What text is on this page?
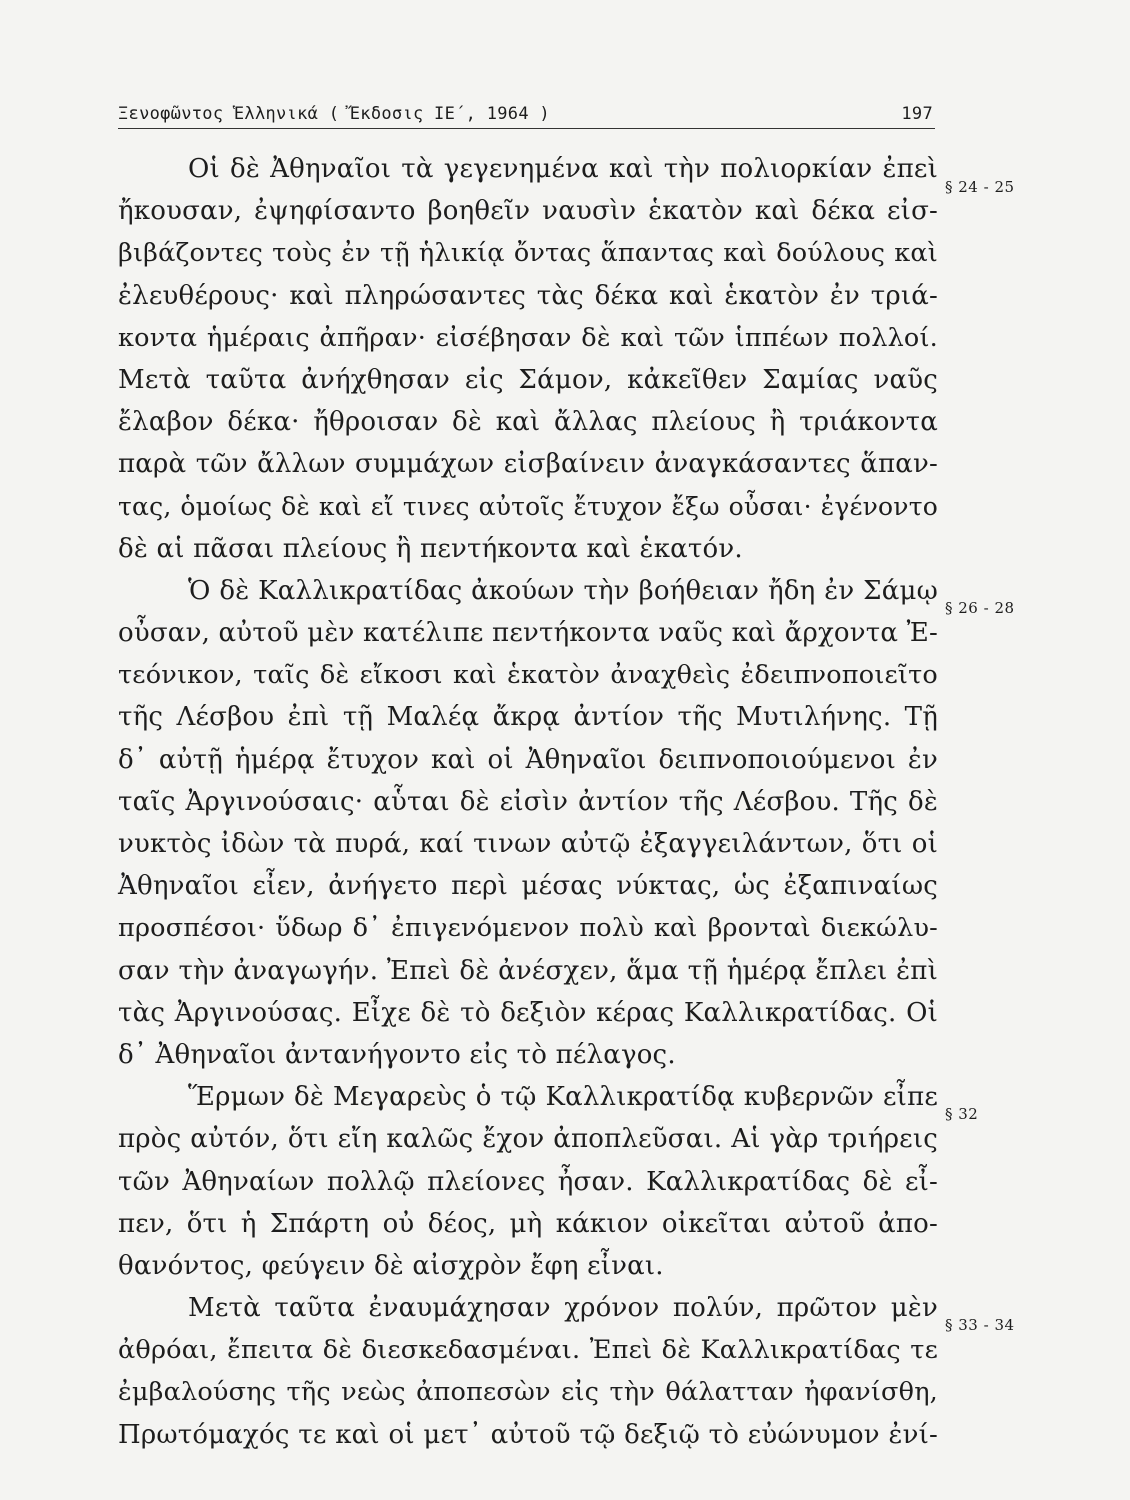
Ξενοφῶντος Ἑλληνικά ( Ἔκδοσις ΙΕ΄, 1964 )	197
§ 24 - 25
§ 26 - 28
§ 32
§ 33 - 34
Οἱ δὲ Ἀθηναῖοι τὰ γεγενημένα καὶ τὴν πολιορκίαν ἐπεὶ
ἤκουσαν, ἐψηφίσαντο βοηθεῖν ναυσὶν ἑκατὸν καὶ δέκα εἰσ-
βιβάζοντες τοὺς ἐν τῇ ἡλικίᾳ ὄντας ἅπαντας καὶ δούλους καὶ
ἐλευθέρους· καὶ πληρώσαντες τὰς δέκα καὶ ἑκατὸν ἐν τριά-
κοντα ἡμέραις ἀπῆραν· εἰσέβησαν δὲ καὶ τῶν ἱππέων πολλοί.
Μετὰ ταῦτα ἀνήχθησαν εἰς Σάμον, κἀκεῖθεν Σαμίας ναῦς
ἔλαβον δέκα· ἤθροισαν δὲ καὶ ἄλλας πλείους ἢ τριάκοντα
παρὰ τῶν ἄλλων συμμάχων εἰσβαίνειν ἀναγκάσαντες ἅπαν-
τας, ὁμοίως δὲ καὶ εἴ τινες αὐτοῖς ἔτυχον ἔξω οὖσαι· ἐγένοντο
δὲ αἱ πᾶσαι πλείους ἢ πεντήκοντα καὶ ἑκατόν.
Ὁ δὲ Καλλικρατίδας ἀκούων τὴν βοήθειαν ἤδη ἐν Σάμῳ
οὖσαν, αὐτοῦ μὲν κατέλιπε πεντήκοντα ναῦς καὶ ἄρχοντα Ἐ-
τεόνικον, ταῖς δὲ εἴκοσι καὶ ἑκατὸν ἀναχθεὶς ἐδειπνοποιεῖτο
τῆς Λέσβου ἐπὶ τῇ Μαλέᾳ ἄκρᾳ ἀντίον τῆς Μυτιλήνης. Τῇ
δ᾽ αὐτῇ ἡμέρᾳ ἔτυχον καὶ οἱ Ἀθηναῖοι δειπνοποιούμενοι ἐν
ταῖς Ἀργινούσαις· αὗται δὲ εἰσὶν ἀντίον τῆς Λέσβου. Τῆς δὲ
νυκτὸς ἰδὼν τὰ πυρά, καί τινων αὐτῷ ἐξαγγειλάντων, ὅτι οἱ
Ἀθηναῖοι εἶεν, ἀνήγετο περὶ μέσας νύκτας, ὡς ἐξαπιναίως
προσπέσοι· ὕδωρ δ᾽ ἐπιγενόμενον πολὺ καὶ βρονταὶ διεκώλυ-
σαν τὴν ἀναγωγήν. Ἐπεὶ δὲ ἀνέσχεν, ἅμα τῇ ἡμέρᾳ ἔπλει ἐπὶ
τὰς Ἀργινούσας. Εἶχε δὲ τὸ δεξιὸν κέρας Καλλικρατίδας. Οἱ
δ᾽ Ἀθηναῖοι ἀντανήγοντο εἰς τὸ πέλαγος.
Ἕρμων δὲ Μεγαρεὺς ὁ τῷ Καλλικρατίδᾳ κυβερνῶν εἶπε
πρὸς αὐτόν, ὅτι εἴη καλῶς ἔχον ἀποπλεῦσαι. Αἱ γὰρ τριήρεις
τῶν Ἀθηναίων πολλῷ πλείονες ἦσαν. Καλλικρατίδας δὲ εἶ-
πεν, ὅτι ἡ Σπάρτη οὐ δέος, μὴ κάκιον οἰκεῖται αὐτοῦ ἀπο-
θανόντος, φεύγειν δὲ αἰσχρὸν ἔφη εἶναι.
Μετὰ ταῦτα ἐναυμάχησαν χρόνον πολύν, πρῶτον μὲν
ἀθρόαι, ἔπειτα δὲ διεσκεδασμέναι. Ἐπεὶ δὲ Καλλικρατίδας τε
ἐμβαλούσης τῆς νεὼς ἀποπεσὼν εἰς τὴν θάλατταν ἠφανίσθη,
Πρωτόμαχός τε καὶ οἱ μετ᾽ αὐτοῦ τῷ δεξιῷ τὸ εὐώνυμον ἐνί-
